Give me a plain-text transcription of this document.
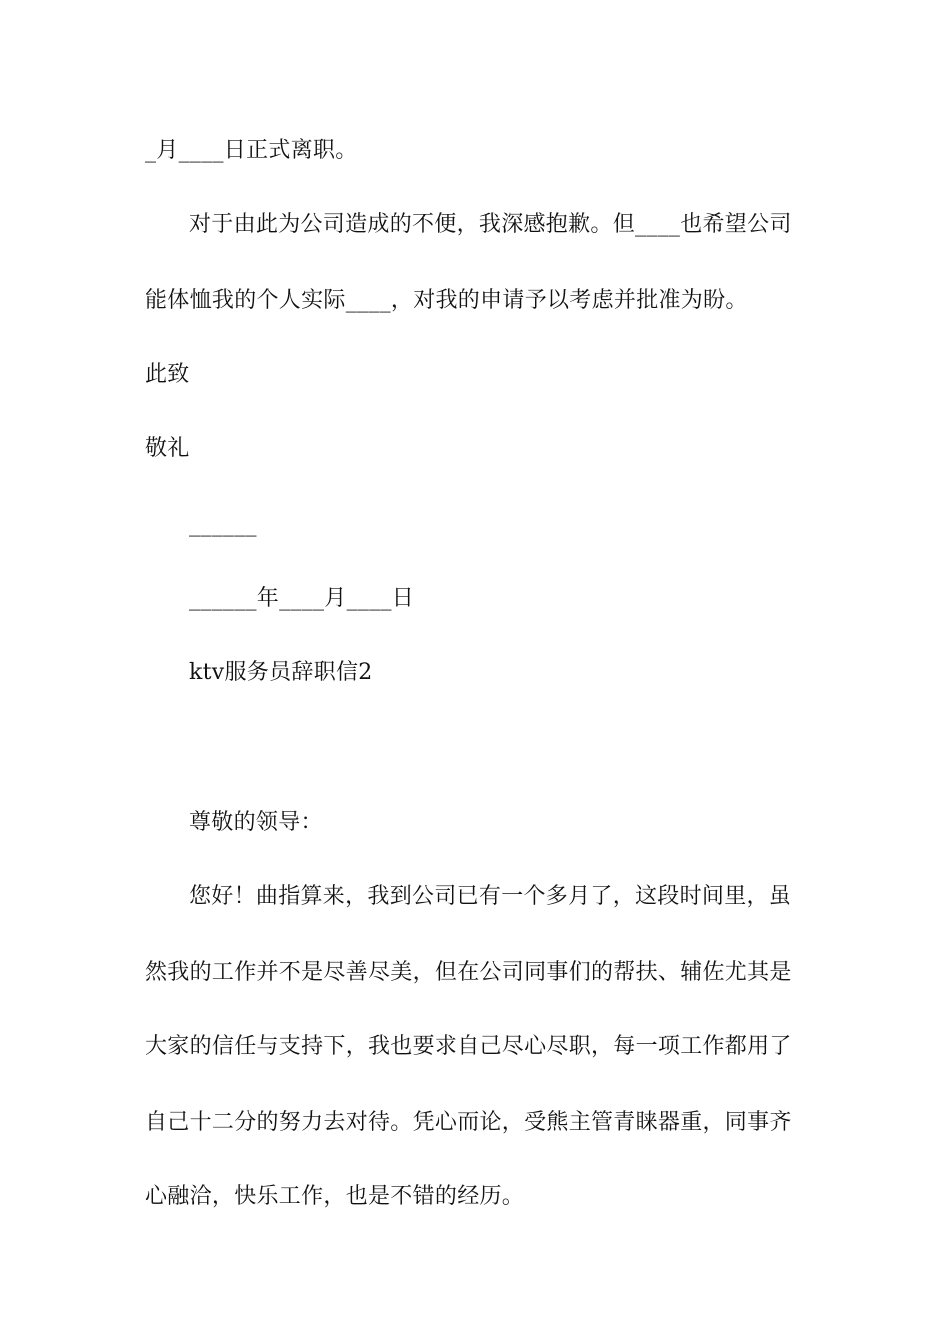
_月____日正式离职。
对于由此为公司造成的不便，我深感抱歉。但____也希望公司
能体恤我的个人实际____，对我的申请予以考虑并批准为盼。
此致
敬礼
______
______年____月____日
ktv服务员辞职信2
尊敬的领导：
您好！曲指算来，我到公司已有一个多月了，这段时间里，虽
然我的工作并不是尽善尽美，但在公司同事们的帮扶、辅佐尤其是
大家的信任与支持下，我也要求自己尽心尽职，每一项工作都用了
自己十二分的努力去对待。凭心而论，受熊主管青睐器重，同事齐
心融洽，快乐工作，也是不错的经历。
